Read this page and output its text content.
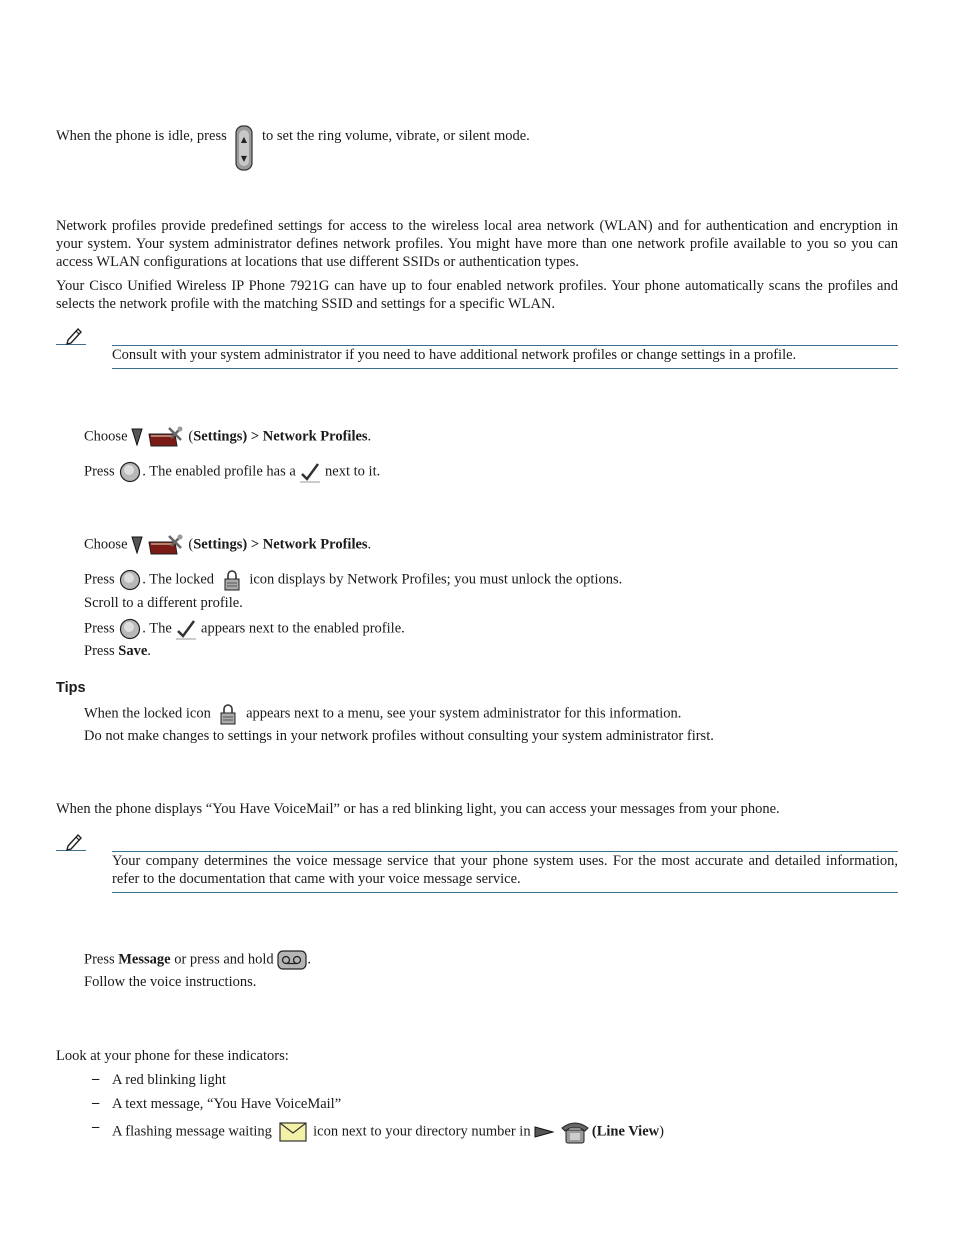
When the phone is idle, press ▲
▼
to set the ring volume, vibrate, or silent mode.
Network profiles provide predefined settings for access to the wireless local area network (WLAN) and for authentication and encryption in your system. Your system administrator defines network profiles. You might have more than one network profile available to you so you can access WLAN configurations at locations that use different SSIDs or authentication types.
Your Cisco Unified Wireless IP Phone 7921G can have up to four enabled network profiles. Your phone automatically scans the profiles and selects the network profile with the matching SSID and settings for a specific WLAN.
Consult with your system administrator if you need to have additional network profiles or change settings in a profile.
Choose	(Settings) > Network Profiles.
Press . The enabled profile has a next to it.
Choose	(Settings) > Network Profiles.
Press . The locked icon displays by Network Profiles; you must unlock the options.
Scroll to a different profile.
Press . The appears next to the enabled profile.
Press Save.
Tips
When the locked icon appears next to a menu, see your system administrator for this information.
Do not make changes to settings in your network profiles without consulting your system administrator first.
When the phone displays “You Have VoiceMail” or has a red blinking light, you can access your messages from your phone.
Your company determines the voice message service that your phone system uses. For the most accurate and detailed information, refer to the documentation that came with your voice message service.
Press Message or press and hold .
Follow the voice instructions.
Look at your phone for these indicators:
– A red blinking light
– A text message, “You Have VoiceMail”
– A flashing message waiting	icon next to your directory number in	(Line View)
